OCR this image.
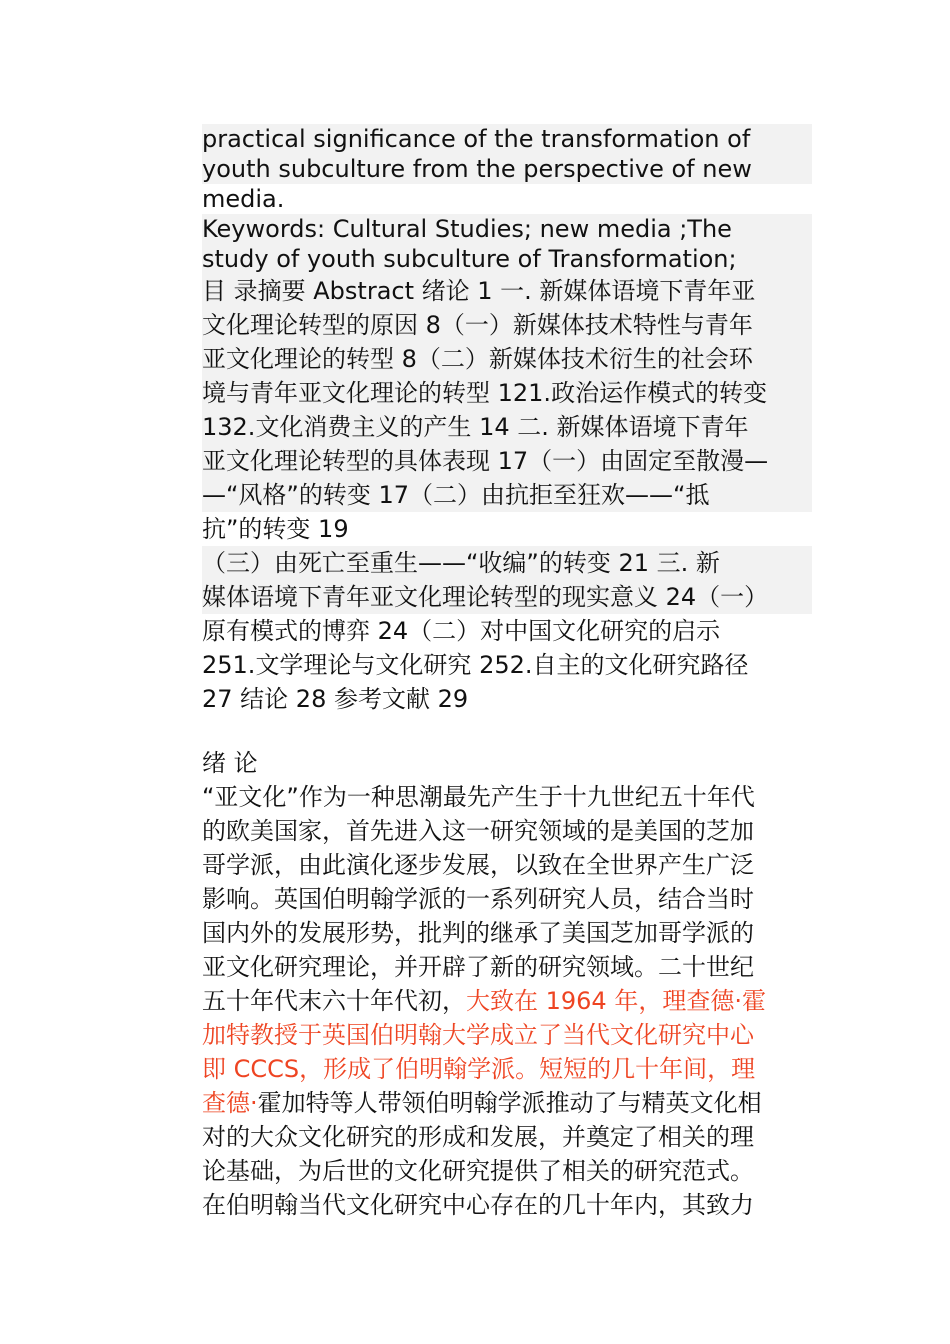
practical significance of the transformation of
youth subculture from the perspective of new
media.
Keywords: Cultural Studies; new media ;The
study of youth subculture of Transformation;
目 录摘要 Abstract 绪论 1 一. 新媒体语境下青年亚
文化理论转型的原因 8（一）新媒体技术特性与青年
亚文化理论的转型 8（二）新媒体技术衍生的社会环
境与青年亚文化理论的转型 121.政治运作模式的转变
132.文化消费主义的产生 14 二. 新媒体语境下青年
亚文化理论转型的具体表现 17（一）由固定至散漫—
—“风格”的转变 17（二）由抗拒至狂欢——“抵
抗”的转变 19
（三）由死亡至重生——“收编”的转变 21 三. 新
媒体语境下青年亚文化理论转型的现实意义 24（一）
原有模式的博弈 24（二）对中国文化研究的启示
251.文学理论与文化研究 252.自主的文化研究路径
27 结论 28 参考文献 29
绪 论
“亚文化”作为一种思潮最先产生于十九世纪五十年代
的欧美国家，首先进入这一研究领域的是美国的芝加
哥学派，由此演化逐步发展，以致在全世界产生广泛
影响。英国伯明翰学派的一系列研究人员，结合当时
国内外的发展形势，批判的继承了美国芝加哥学派的
亚文化研究理论，并开辟了新的研究领域。二十世纪
五十年代末六十年代初，大致在 1964 年，理查德·霍
加特教授于英国伯明翰大学成立了当代文化研究中心
即 CCCS，形成了伯明翰学派。短短的几十年间，理
查德·霍加特等人带领伯明翰学派推动了与精英文化相
对的大众文化研究的形成和发展，并奠定了相关的理
论基础，为后世的文化研究提供了相关的研究范式。
在伯明翰当代文化研究中心存在的几十年内，其致力
